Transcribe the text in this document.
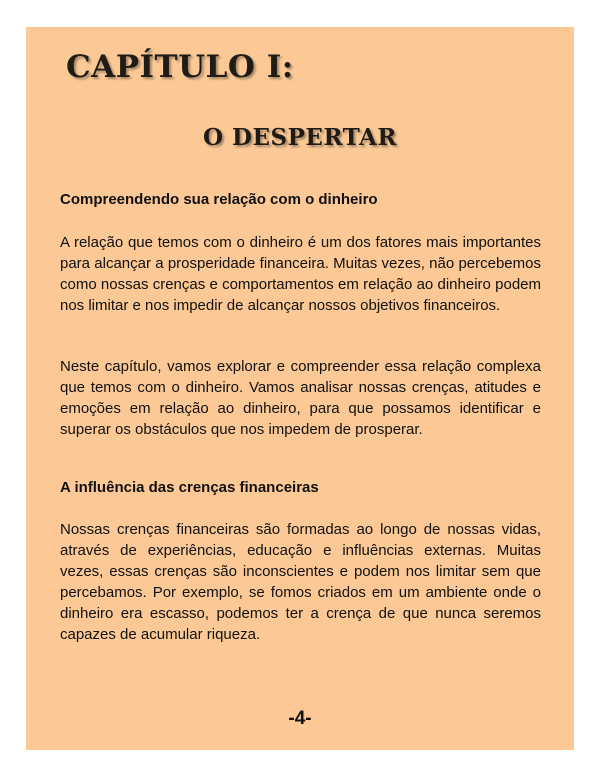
CAPÍTULO I:
O DESPERTAR
Compreendendo sua relação com o dinheiro

A relação que temos com o dinheiro é um dos fatores mais importantes para alcançar a prosperidade financeira. Muitas vezes, não percebemos como nossas crenças e comportamentos em relação ao dinheiro podem nos limitar e nos impedir de alcançar nossos objetivos financeiros.

Neste capítulo, vamos explorar e compreender essa relação complexa que temos com o dinheiro. Vamos analisar nossas crenças, atitudes e emoções em relação ao dinheiro, para que possamos identificar e superar os obstáculos que nos impedem de prosperar.

A influência das crenças financeiras

Nossas crenças financeiras são formadas ao longo de nossas vidas, através de experiências, educação e influências externas. Muitas vezes, essas crenças são inconscientes e podem nos limitar sem que percebamos. Por exemplo, se fomos criados em um ambiente onde o dinheiro era escasso, podemos ter a crença de que nunca seremos capazes de acumular riqueza.

-4-
